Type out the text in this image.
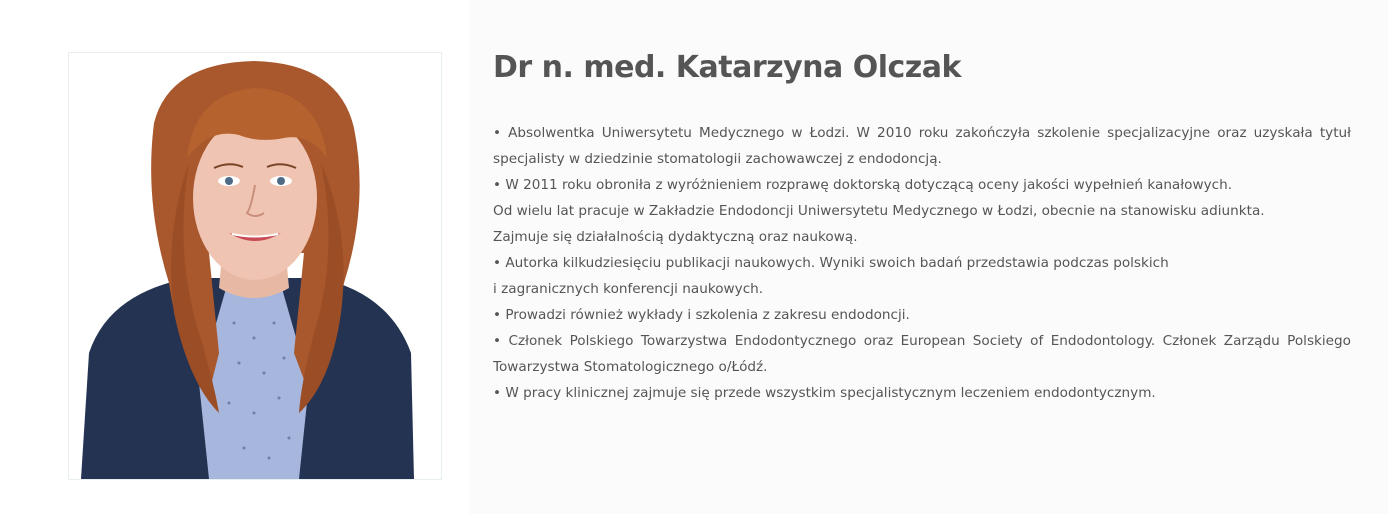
Dr n. med. Katarzyna Olczak

• Absolwentka Uniwersytetu Medycznego w Łodzi. W 2010 roku zakończyła szkolenie specjalizacyjne oraz uzyskała tytuł specjalisty w dziedzinie stomatologii zachowawczej z endodoncją.

• W 2011 roku obroniła z wyróżnieniem rozprawę doktorską dotyczącą oceny jakości wypełnień kanałowych.

Od wielu lat pracuje w Zakładzie Endodoncji Uniwersytetu Medycznego w Łodzi, obecnie na stanowisku adiunkta.

Zajmuje się działalnością dydaktyczną oraz naukową.

• Autorka kilkudziesięciu publikacji naukowych. Wyniki swoich badań przedstawia podczas polskich

i zagranicznych konferencji naukowych.

• Prowadzi również wykłady i szkolenia z zakresu endodoncji.

• Członek Polskiego Towarzystwa Endodontycznego oraz European Society of Endodontology. Członek Zarządu Polskiego Towarzystwa Stomatologicznego o/Łódź.

• W pracy klinicznej zajmuje się przede wszystkim specjalistycznym leczeniem endodontycznym.
